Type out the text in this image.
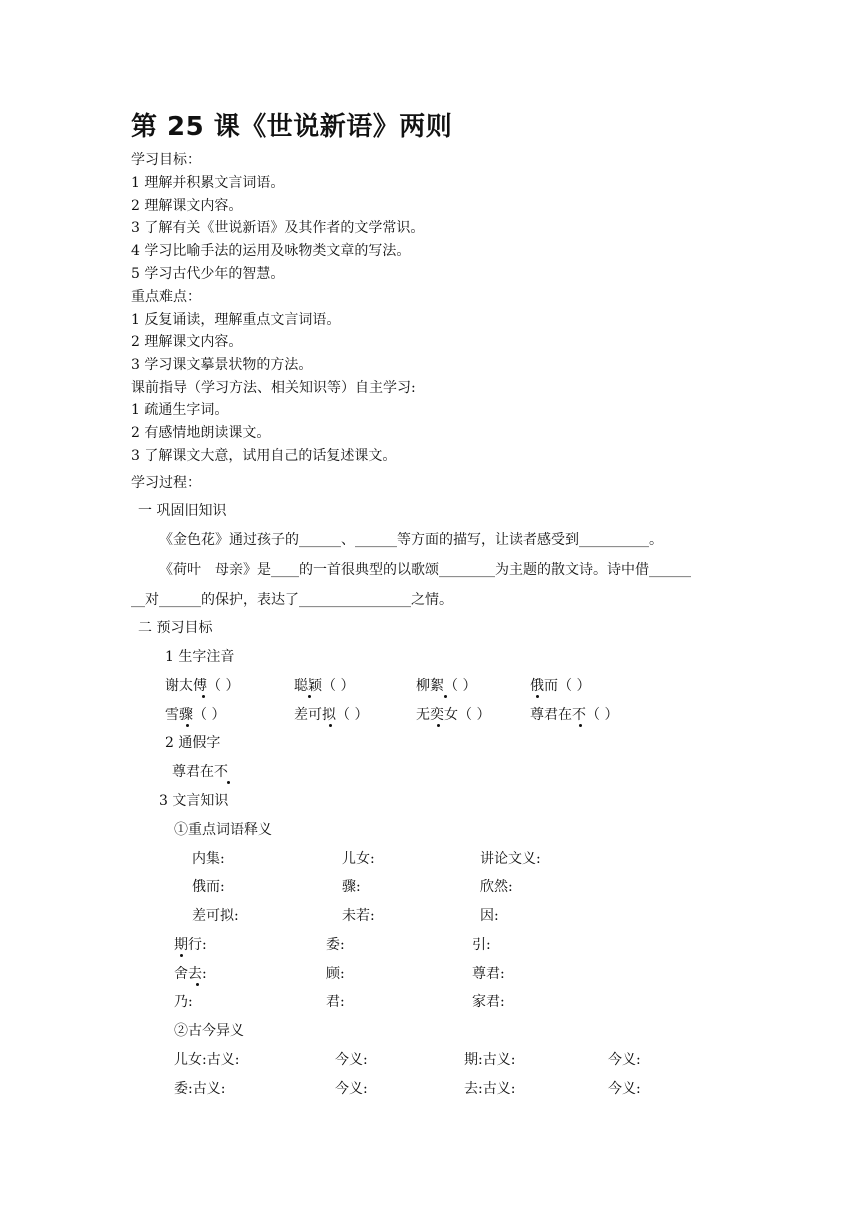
第 25 课《世说新语》两则
学习目标：
1 理解并积累文言词语。
2 理解课文内容。
3 了解有关《世说新语》及其作者的文学常识。
4 学习比喻手法的运用及咏物类文章的写法。
5 学习古代少年的智慧。
重点难点：
1 反复诵读，理解重点文言词语。
2 理解课文内容。
3 学习课文摹景状物的方法。
课前指导（学习方法、相关知识等）自主学习:
1 疏通生字词。
2 有感情地朗读课文。
3 了解课文大意，试用自己的话复述课文。
学习过程：
一 巩固旧知识
《金色花》通过孩子的______、______等方面的描写，让读者感受到__________。
《荷叶　母亲》是____的一首很典型的以歌颂________为主题的散文诗。诗中借______
__对______的保护，表达了________________之情。
二 预习目标
1 生字注音
谢太傅（ ）	聪颖（ ）	柳絮（ ）	俄而（ ）
雪骤（ ）	差可拟（ ）	无奕女（ ）	尊君在不（ ）
2 通假字
尊君在不
3 文言知识
①重点词语释义
内集:	儿女:	讲论文义:
俄而:	骤:	欣然:
差可拟:	未若:	因:
期行:	委:	引:
舍去:	顾:	尊君:
乃:	君:	家君:
②古今异义
儿女:古义:	今义:	期:古义:	今义:
委:古义:	今义:	去:古义:	今义:
